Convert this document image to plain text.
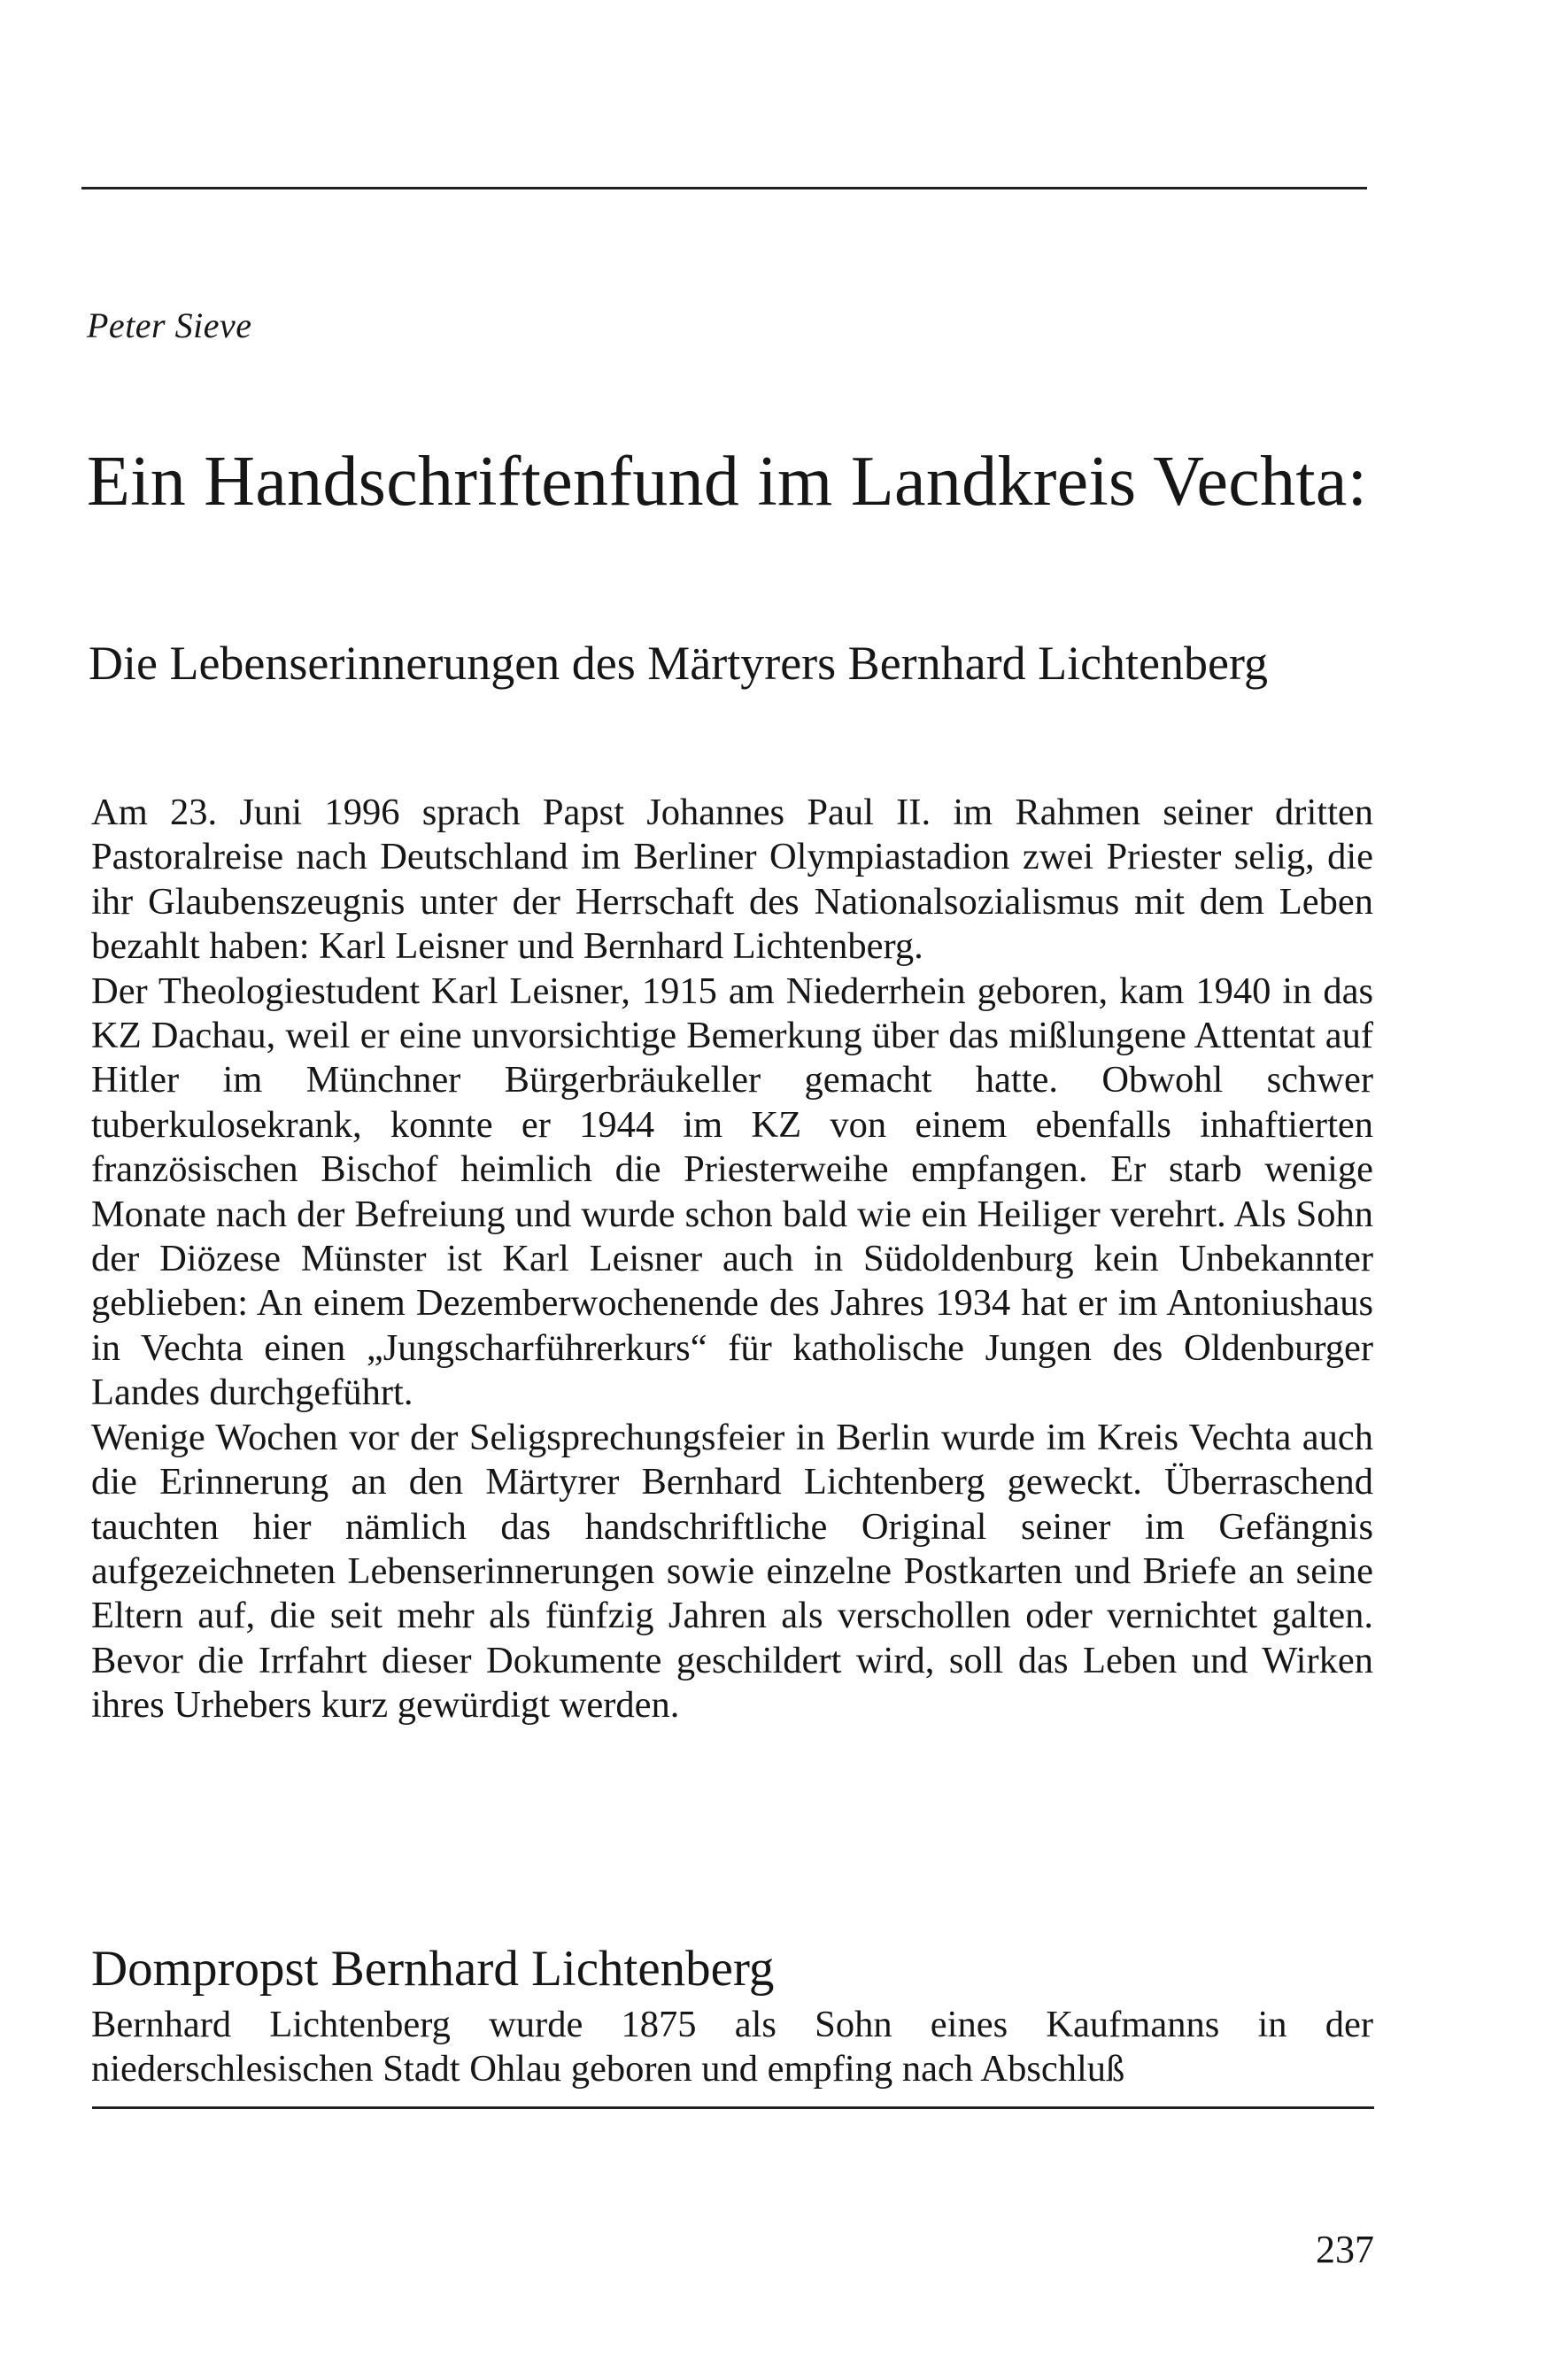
Peter Sieve
Ein Handschriftenfund im Landkreis Vechta:
Die Lebenserinnerungen des Märtyrers Bernhard Lichtenberg

Am 23. Juni 1996 sprach Papst Johannes Paul II. im Rahmen seiner dritten Pastoralreise nach Deutschland im Berliner Olympiastadion zwei Priester selig, die ihr Glaubenszeugnis unter der Herrschaft des Nationalsozialismus mit dem Leben bezahlt haben: Karl Leisner und Bernhard Lichtenberg.

Der Theologiestudent Karl Leisner, 1915 am Niederrhein geboren, kam 1940 in das KZ Dachau, weil er eine unvorsichtige Bemerkung über das mißlungene Attentat auf Hitler im Münchner Bürgerbräukeller gemacht hatte. Obwohl schwer tuberkulosekrank, konnte er 1944 im KZ von einem ebenfalls inhaftierten französischen Bischof heimlich die Priesterweihe empfangen. Er starb wenige Monate nach der Befreiung und wurde schon bald wie ein Heiliger verehrt. Als Sohn der Diözese Münster ist Karl Leisner auch in Südoldenburg kein Unbekannter geblieben: An einem Dezemberwochenende des Jahres 1934 hat er im Antoniushaus in Vechta einen „Jungscharführerkurs“ für katholische Jungen des Oldenburger Landes durchgeführt.

Wenige Wochen vor der Seligsprechungsfeier in Berlin wurde im Kreis Vechta auch die Erinnerung an den Märtyrer Bernhard Lichtenberg geweckt. Überraschend tauchten hier nämlich das handschriftliche Original seiner im Gefängnis aufgezeichneten Lebenserinnerungen sowie einzelne Postkarten und Briefe an seine Eltern auf, die seit mehr als fünfzig Jahren als verschollen oder vernichtet galten. Bevor die Irrfahrt dieser Dokumente geschildert wird, soll das Leben und Wirken ihres Urhebers kurz gewürdigt werden.

Dompropst Bernhard Lichtenberg

Bernhard Lichtenberg wurde 1875 als Sohn eines Kaufmanns in der niederschlesischen Stadt Ohlau geboren und empfing nach Abschluß

237
